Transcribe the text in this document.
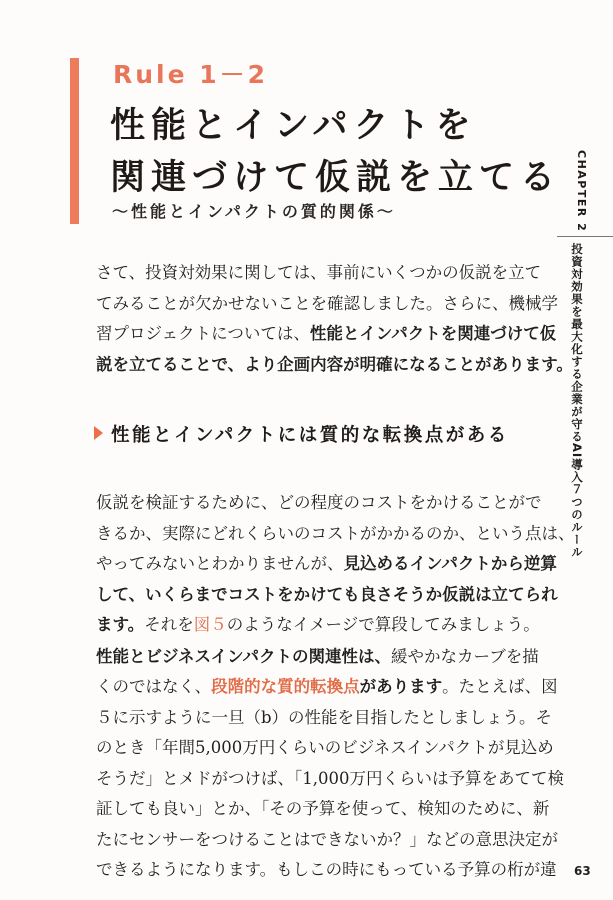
Rule 1－2
性能とインパクトを
関連づけて仮説を立てる

〜性能とインパクトの質的関係〜

さて、投資対効果に関しては、事前にいくつかの仮説を立て
てみることが欠かせないことを確認しました。さらに、機械学
習プロジェクトについては、性能とインパクトを関連づけて仮
説を立てることで、より企画内容が明確になることがあります。

性能とインパクトには質的な転換点がある
仮説を検証するために、どの程度のコストをかけることがで
きるか、実際にどれくらいのコストがかかるのか、という点は、
やってみないとわかりませんが、見込めるインパクトから逆算
して、いくらまでコストをかけても良さそうか仮説は立てられ
ます。それを図５のようなイメージで算段してみましょう。
性能とビジネスインパクトの関連性は、緩やかなカーブを描
くのではなく、段階的な質的転換点があります。たとえば、図
５に示すように一旦（b）の性能を目指したとしましょう。そ
のとき「年間5,000万円くらいのビジネスインパクトが見込め
そうだ」とメドがつけば、「1,000万円くらいは予算をあてて検
証しても良い」とか、「その予算を使って、検知のために、新
たにセンサーをつけることはできないか？」などの意思決定が
できるようになります。もしこの時にもっている予算の桁が違
CHAPTER 2
投資対効果を最大化する企業が守るAI導入７つのルール
63
